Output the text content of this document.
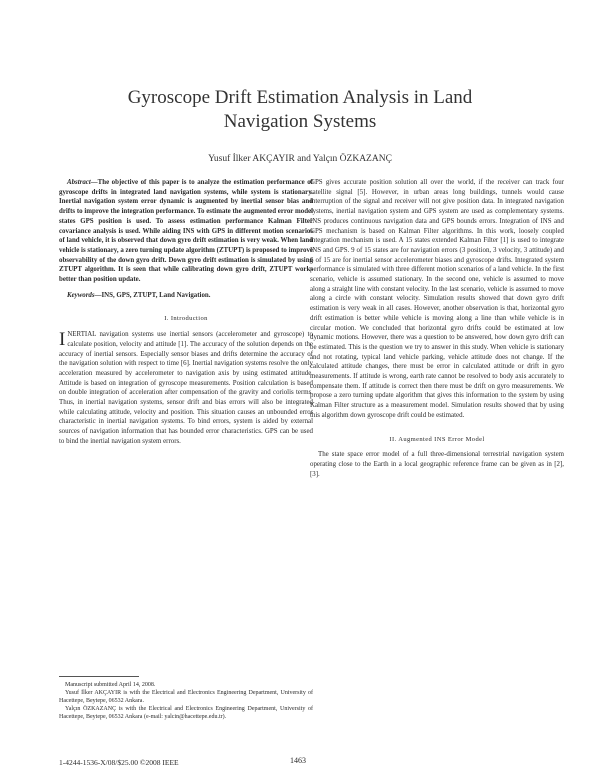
Gyroscope Drift Estimation Analysis in Land
Navigation Systems
Yusuf İlker AKÇAYIR and Yalçın ÖZKAZANÇ

Abstract—The objective of this paper is to analyze the estimation performance of gyroscope drifts in integrated land navigation systems, while system is stationary. Inertial navigation system error dynamic is augmented by inertial sensor bias and drifts to improve the integration performance. To estimate the augmented error model states GPS position is used. To assess estimation performance Kalman Filter covariance analysis is used. While aiding INS with GPS in different motion scenarios of land vehicle, it is observed that down gyro drift estimation is very weak. When land vehicle is stationary, a zero turning update algorithm (ZTUPT) is proposed to improve observability of the down gyro drift. Down gyro drift estimation is simulated by using ZTUPT algorithm. It is seen that while calibrating down gyro drift, ZTUPT works better than position update.

Keywords—INS, GPS, ZTUPT, Land Navigation.

I. Introduction

INERTIAL navigation systems use inertial sensors (accelerometer and gyroscope) to calculate position, velocity and attitude [1]. The accuracy of the solution depends on the accuracy of inertial sensors. Especially sensor biases and drifts determine the accuracy of the navigation solution with respect to time [6]. Inertial navigation systems resolve the only acceleration measured by accelerometer to navigation axis by using estimated attitude. Attitude is based on integration of gyroscope measurements. Position calculation is based on double integration of acceleration after compensation of the gravity and coriolis terms. Thus, in inertial navigation systems, sensor drift and bias errors will also be integrated while calculating attitude, velocity and position. This situation causes an unbounded error characteristic in inertial navigation systems. To bind errors, system is aided by external sources of navigation information that has bounded error characteristics. GPS can be used to bind the inertial navigation system errors.

GPS gives accurate position solution all over the world, if the receiver can track four satellite signal [5]. However, in urban areas long buildings, tunnels would cause interruption of the signal and receiver will not give position data. In integrated navigation systems, inertial navigation system and GPS system are used as complementary systems. INS produces continuous navigation data and GPS bounds errors. Integration of INS and GPS mechanism is based on Kalman Filter algorithms. In this work, loosely coupled integration mechanism is used. A 15 states extended Kalman Filter [1] is used to integrate INS and GPS. 9 of 15 states are for navigation errors (3 position, 3 velocity, 3 attitude) and 6 of 15 are for inertial sensor accelerometer biases and gyroscope drifts. Integrated system performance is simulated with three different motion scenarios of a land vehicle. In the first scenario, vehicle is assumed stationary. In the second one, vehicle is assumed to move along a straight line with constant velocity. In the last scenario, vehicle is assumed to move along a circle with constant velocity. Simulation results showed that down gyro drift estimation is very weak in all cases. However, another observation is that, horizontal gyro drift estimation is better while vehicle is moving along a line than while vehicle is in circular motion. We concluded that horizontal gyro drifts could be estimated at low dynamic motions. However, there was a question to be answered, how down gyro drift can be estimated. This is the question we try to answer in this study. When vehicle is stationary and not rotating, typical land vehicle parking, vehicle attitude does not change. If the calculated attitude changes, there must be error in calculated attitude or drift in gyro measurements. If attitude is wrong, earth rate cannot be resolved to body axis accurately to compensate them. If attitude is correct then there must be drift on gyro measurements. We propose a zero turning update algorithm that gives this information to the system by using Kalman Filter structure as a measurement model. Simulation results showed that by using this algorithm down gyroscope drift could be estimated.

II. Augmented INS Error Model

The state space error model of a full three-dimensional terrestrial navigation system operating close to the Earth in a local geographic reference frame can be given as in [2], [3].

Manuscript submitted April 14, 2008.

Yusuf İlker AKÇAYIR is with the Electrical and Electronics Engineering Department, University of Hacettepe, Beytepe, 06532 Ankara.

Yalçın ÖZKAZANÇ is with the Electrical and Electronics Engineering Department, University of Hacettepe, Beytepe, 06532 Ankara (e-mail: yalcin@hacettepe.edu.tr).

1-4244-1536-X/08/$25.00 ©2008 IEEE	1463
